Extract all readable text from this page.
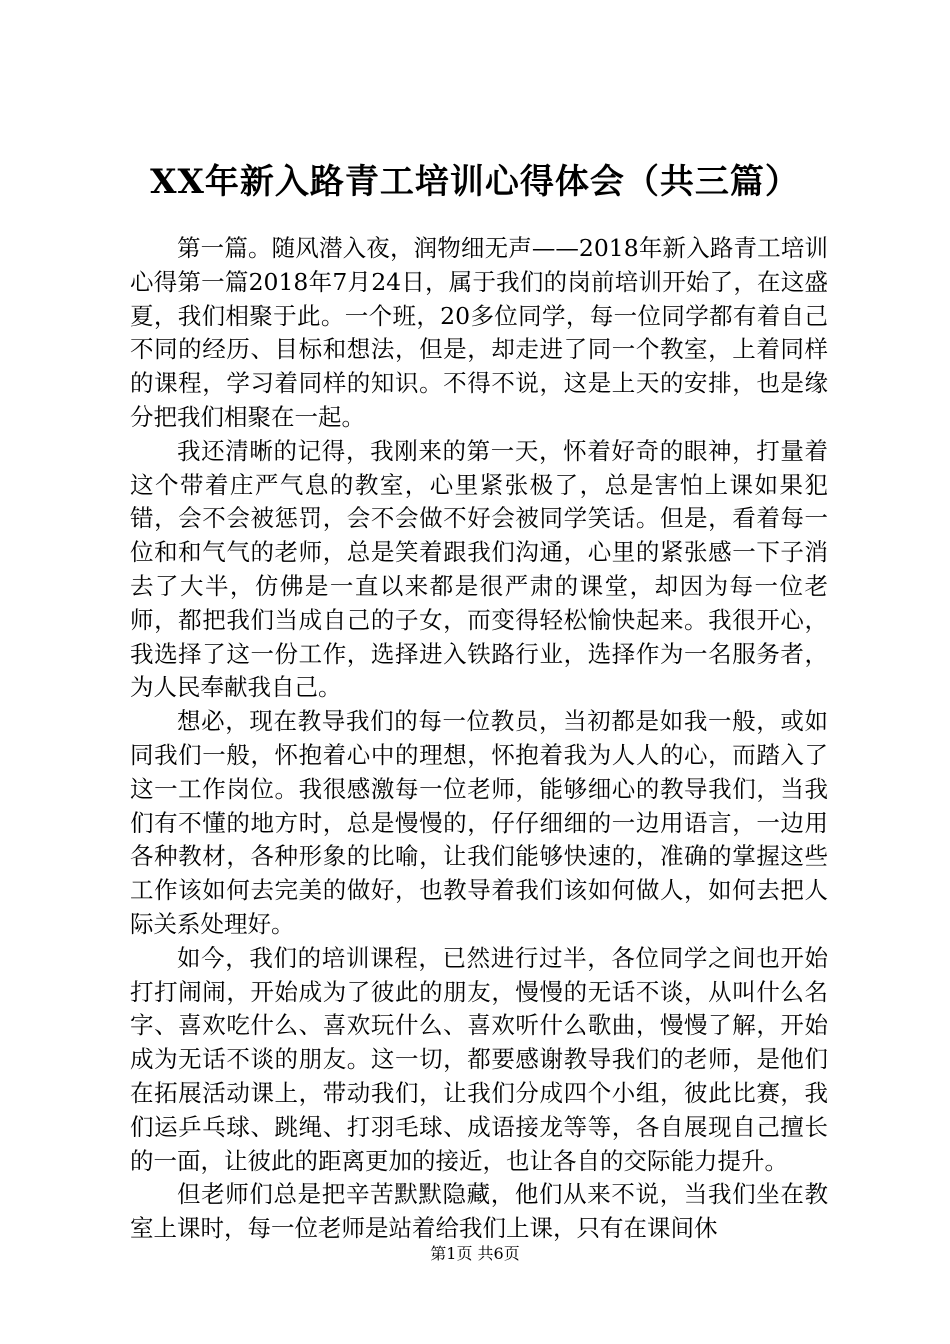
XX年新入路青工培训心得体会（共三篇）

第一篇。随风潜入夜，润物细无声——2018年新入路青工培训心得第一篇2018年7月24日，属于我们的岗前培训开始了，在这盛夏，我们相聚于此。一个班，20多位同学，每一位同学都有着自己不同的经历、目标和想法，但是，却走进了同一个教室，上着同样的课程，学习着同样的知识。不得不说，这是上天的安排，也是缘分把我们相聚在一起。

我还清晰的记得，我刚来的第一天，怀着好奇的眼神，打量着这个带着庄严气息的教室，心里紧张极了，总是害怕上课如果犯错，会不会被惩罚，会不会做不好会被同学笑话。但是，看着每一位和和气气的老师，总是笑着跟我们沟通，心里的紧张感一下子消去了大半，仿佛是一直以来都是很严肃的课堂，却因为每一位老师，都把我们当成自己的子女，而变得轻松愉快起来。我很开心，我选择了这一份工作，选择进入铁路行业，选择作为一名服务者，为人民奉献我自己。

想必，现在教导我们的每一位教员，当初都是如我一般，或如同我们一般，怀抱着心中的理想，怀抱着我为人人的心，而踏入了这一工作岗位。我很感激每一位老师，能够细心的教导我们，当我们有不懂的地方时，总是慢慢的，仔仔细细的一边用语言，一边用各种教材，各种形象的比喻，让我们能够快速的，准确的掌握这些工作该如何去完美的做好，也教导着我们该如何做人，如何去把人际关系处理好。

如今，我们的培训课程，已然进行过半，各位同学之间也开始打打闹闹，开始成为了彼此的朋友，慢慢的无话不谈，从叫什么名字、喜欢吃什么、喜欢玩什么、喜欢听什么歌曲，慢慢了解，开始成为无话不谈的朋友。这一切，都要感谢教导我们的老师，是他们在拓展活动课上，带动我们，让我们分成四个小组，彼此比赛，我们运乒乓球、跳绳、打羽毛球、成语接龙等等，各自展现自己擅长的一面，让彼此的距离更加的接近，也让各自的交际能力提升。

但老师们总是把辛苦默默隐藏，他们从来不说，当我们坐在教室上课时，每一位老师是站着给我们上课，只有在课间休

第1页 共6页
